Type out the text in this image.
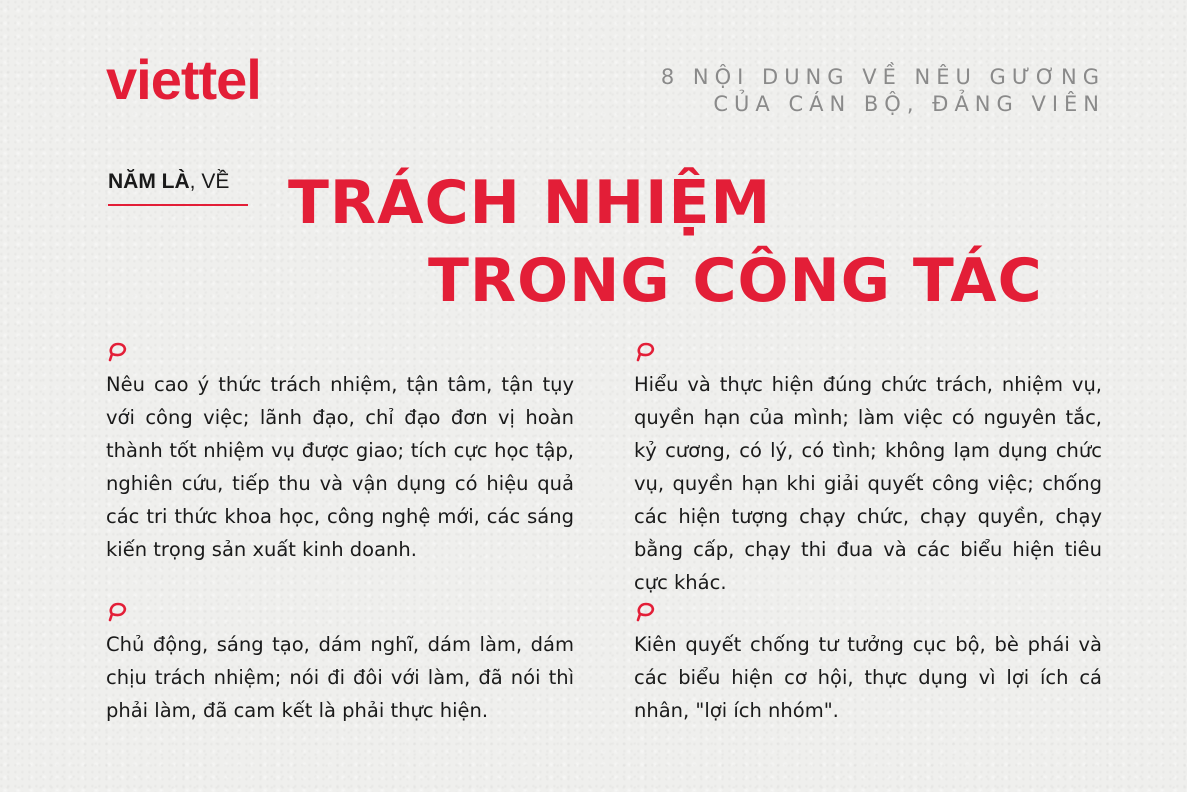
viettel	8 NỘI DUNG VỀ NÊU GƯƠNG
CỦA CÁN BỘ, ĐẢNG VIÊN
NĂM LÀ, VỀ TRÁCH NHIỆM
TRONG CÔNG TÁC

Nêu cao ý thức trách nhiệm, tận tâm, tận tụy với công việc; lãnh đạo, chỉ đạo đơn vị hoàn thành tốt nhiệm vụ được giao; tích cực học tập, nghiên cứu, tiếp thu và vận dụng có hiệu quả các tri thức khoa học, công nghệ mới, các sáng kiến trọng sản xuất kinh doanh.

Hiểu và thực hiện đúng chức trách, nhiệm vụ, quyền hạn của mình; làm việc có nguyên tắc, kỷ cương, có lý, có tình; không lạm dụng chức vụ, quyền hạn khi giải quyết công việc; chống các hiện tượng chạy chức, chạy quyền, chạy bằng cấp, chạy thi đua và các biểu hiện tiêu cực khác.

Chủ động, sáng tạo, dám nghĩ, dám làm, dám chịu trách nhiệm; nói đi đôi với làm, đã nói thì phải làm, đã cam kết là phải thực hiện.

Kiên quyết chống tư tưởng cục bộ, bè phái và các biểu hiện cơ hội, thực dụng vì lợi ích cá nhân, "lợi ích nhóm".
